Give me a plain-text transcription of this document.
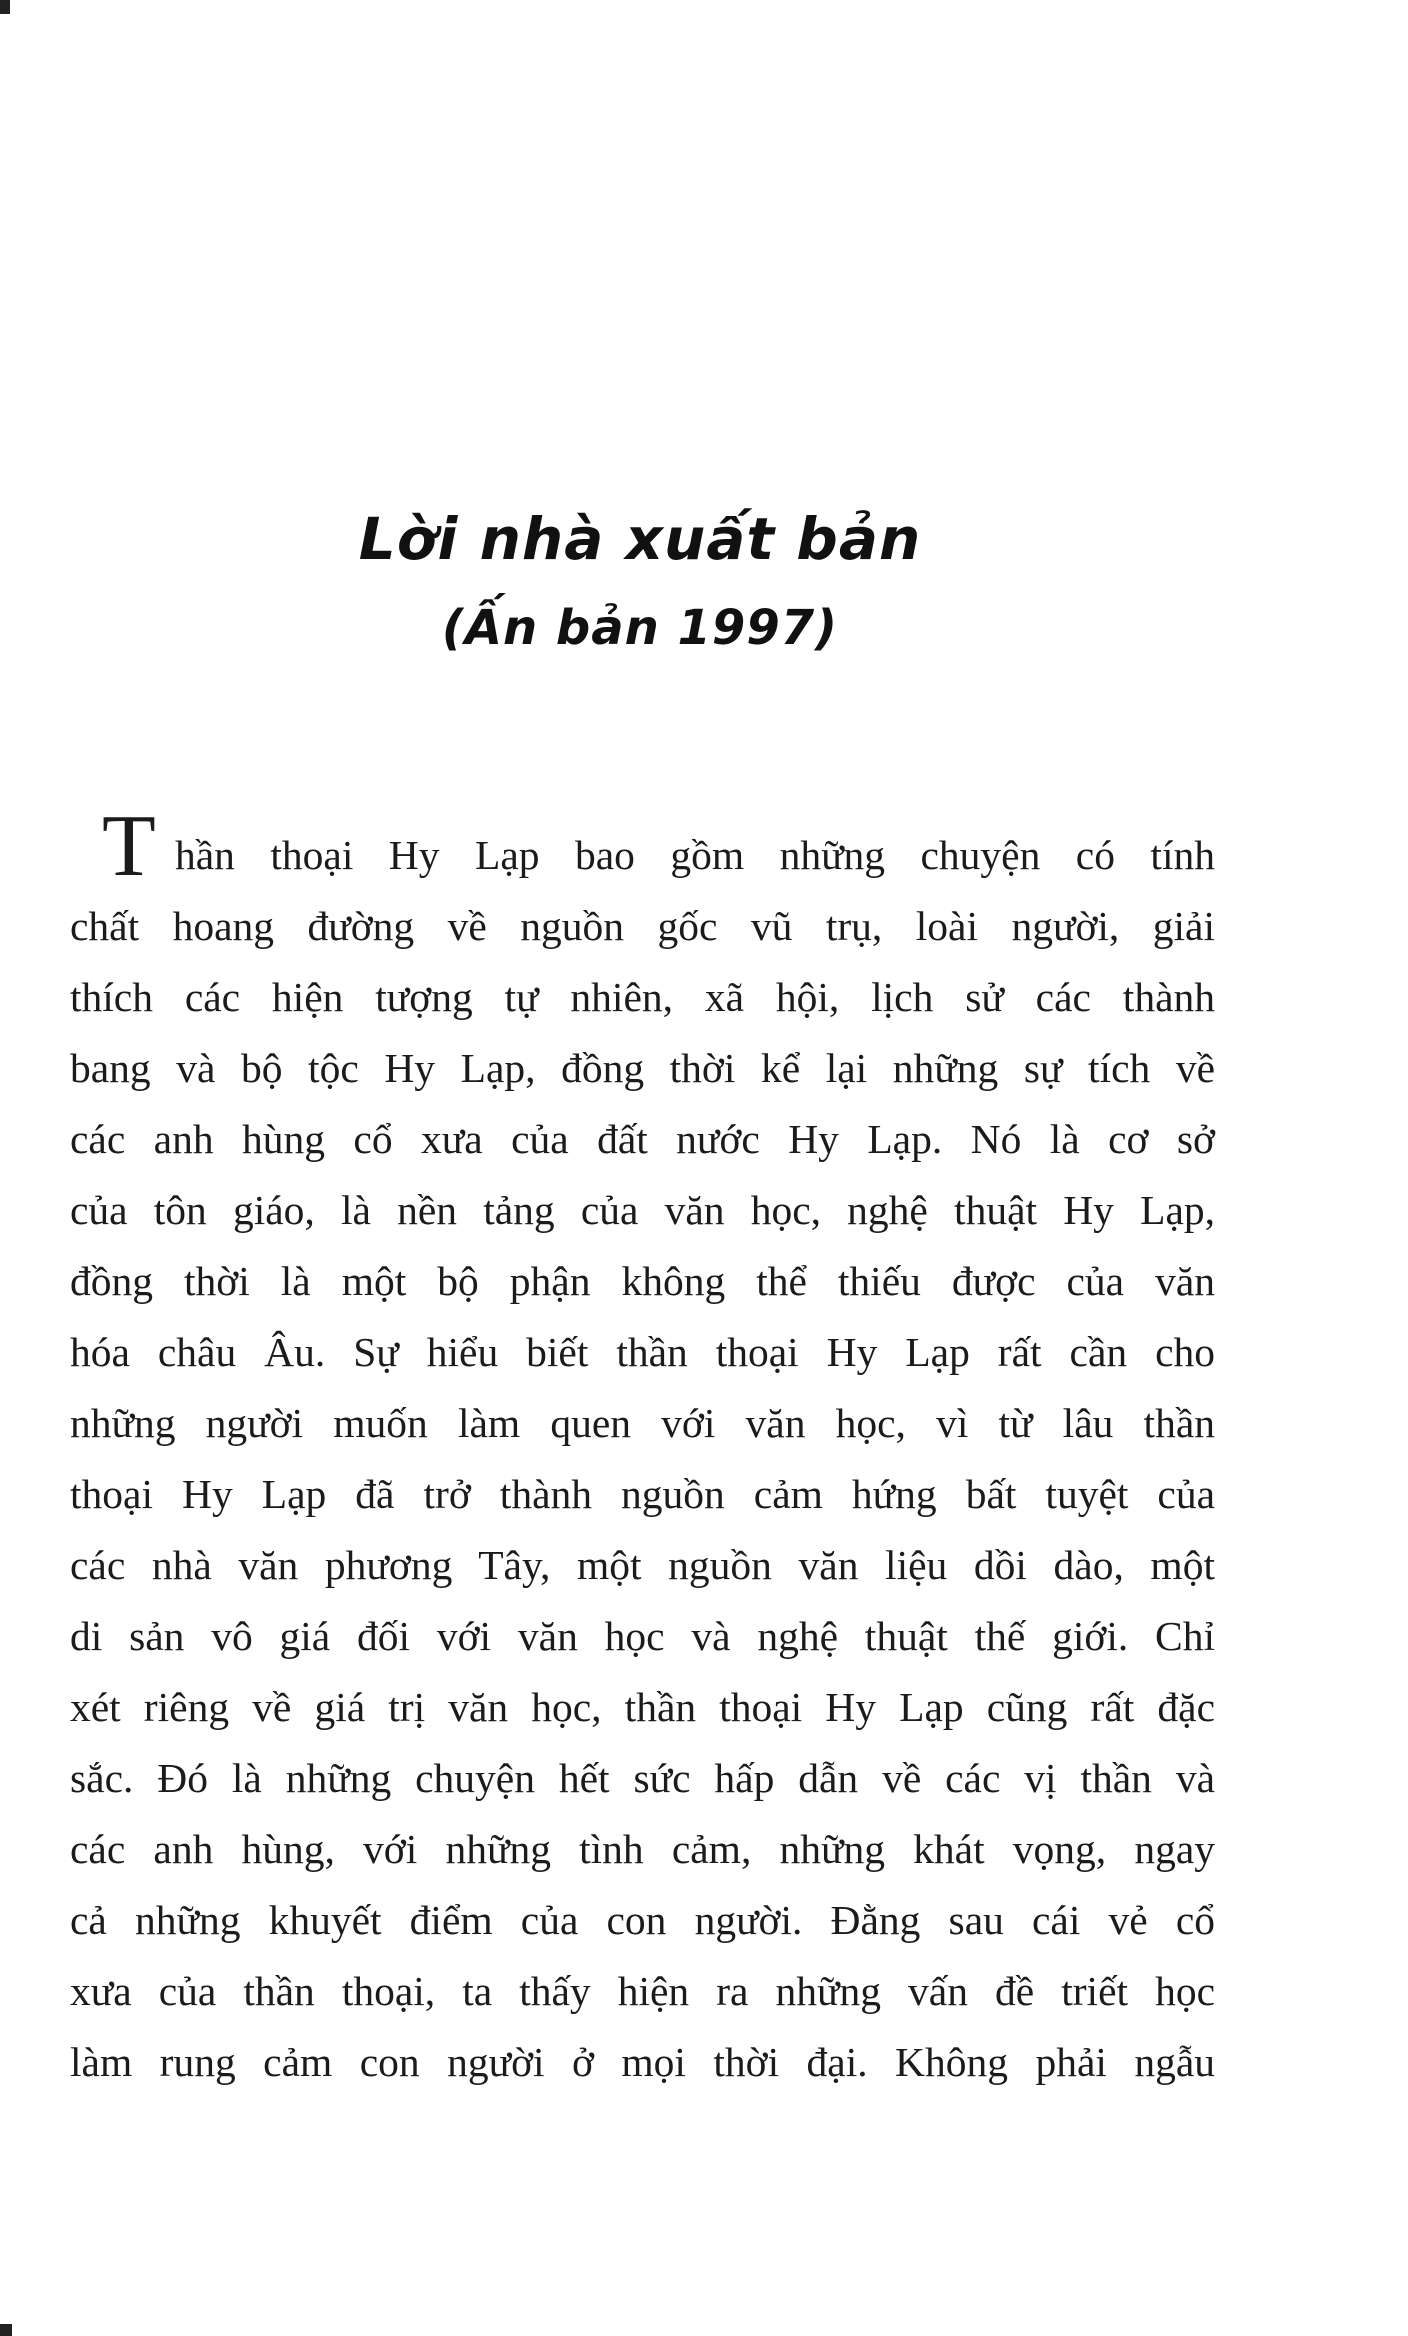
Lời nhà xuất bản
(Ấn bản 1997)
T hần thoại Hy Lạp bao gồm những chuyện có tính
chất hoang đường về nguồn gốc vũ trụ, loài người, giải
thích các hiện tượng tự nhiên, xã hội, lịch sử các thành
bang và bộ tộc Hy Lạp, đồng thời kể lại những sự tích về
các anh hùng cổ xưa của đất nước Hy Lạp. Nó là cơ sở
của tôn giáo, là nền tảng của văn học, nghệ thuật Hy Lạp,
đồng thời là một bộ phận không thể thiếu được của văn
hóa châu Âu. Sự hiểu biết thần thoại Hy Lạp rất cần cho
những người muốn làm quen với văn học, vì từ lâu thần
thoại Hy Lạp đã trở thành nguồn cảm hứng bất tuyệt của
các nhà văn phương Tây, một nguồn văn liệu dồi dào, một
di sản vô giá đối với văn học và nghệ thuật thế giới. Chỉ
xét riêng về giá trị văn học, thần thoại Hy Lạp cũng rất đặc
sắc. Đó là những chuyện hết sức hấp dẫn về các vị thần và
các anh hùng, với những tình cảm, những khát vọng, ngay
cả những khuyết điểm của con người. Đằng sau cái vẻ cổ
xưa của thần thoại, ta thấy hiện ra những vấn đề triết học
làm rung cảm con người ở mọi thời đại. Không phải ngẫu
